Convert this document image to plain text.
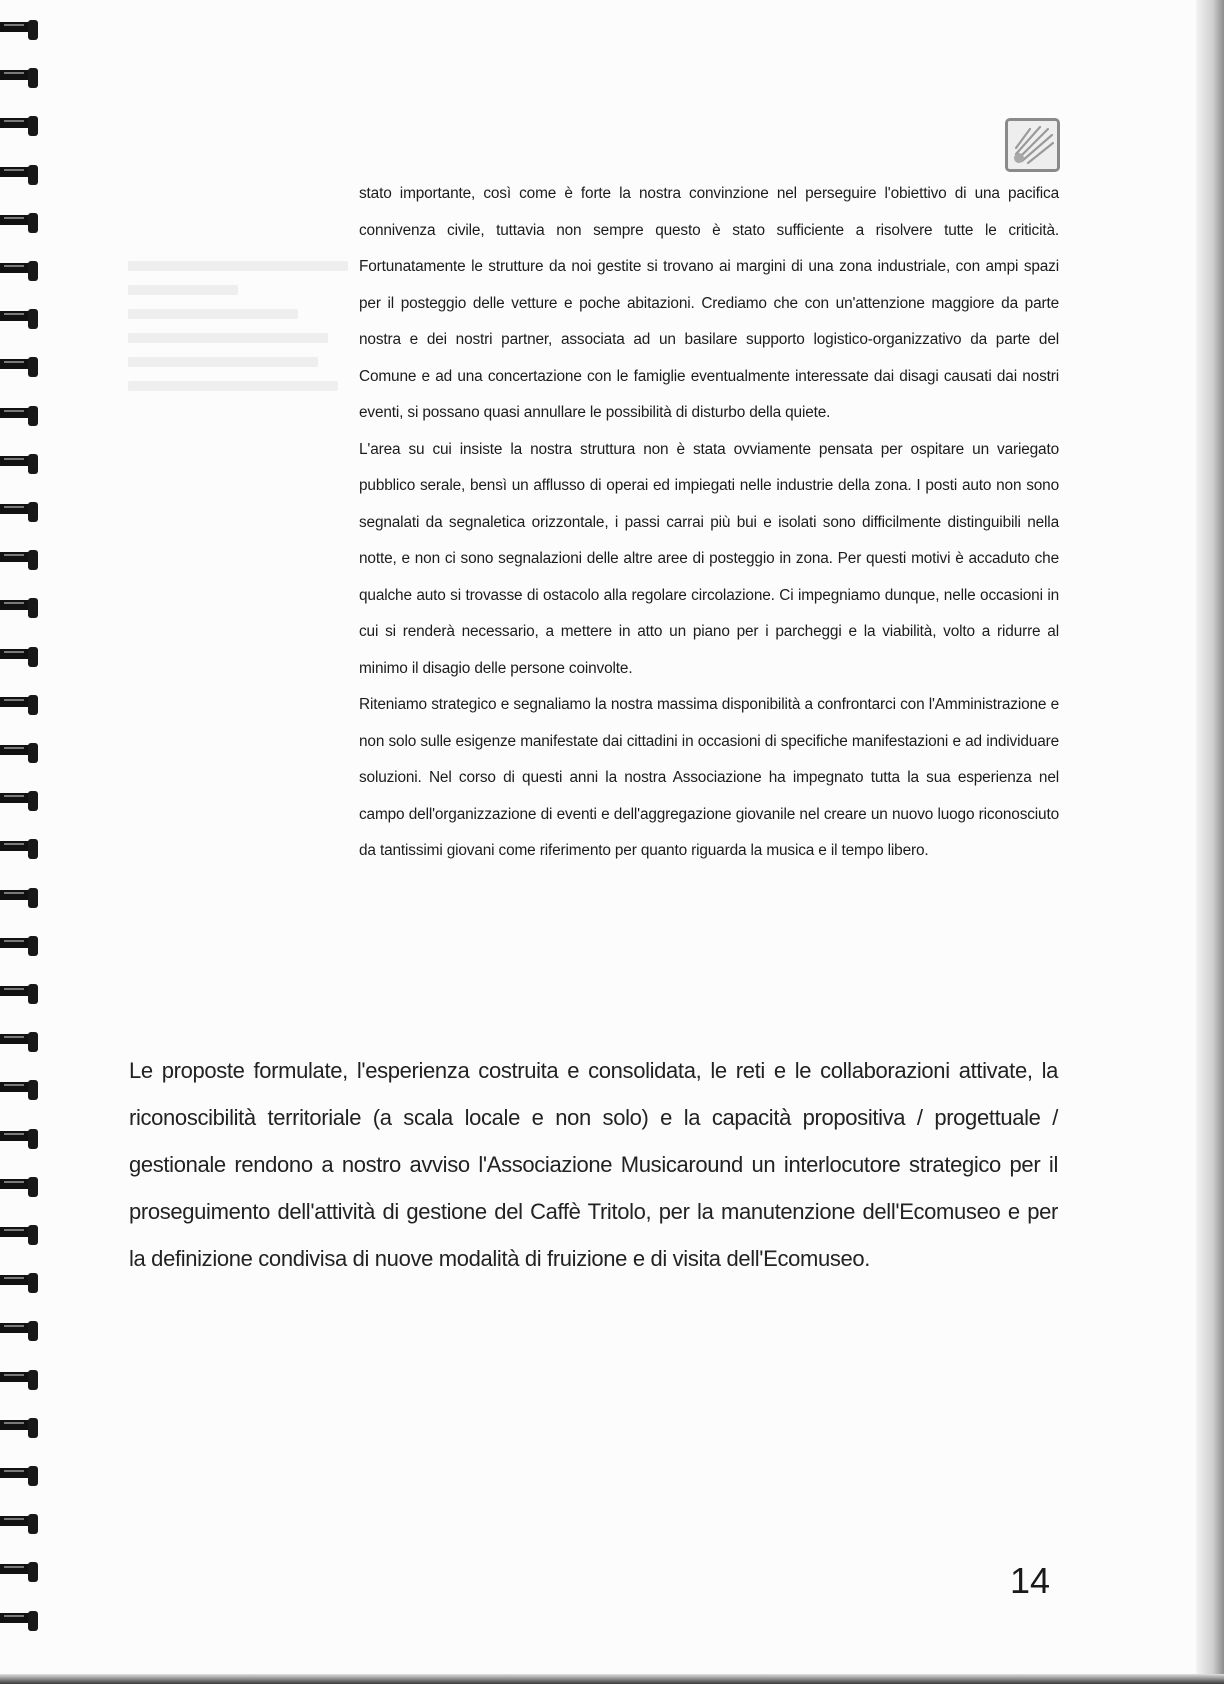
stato importante, così come è forte la nostra convinzione nel perseguire l'obiettivo di una pacifica connivenza civile, tuttavia non sempre questo è stato sufficiente a risolvere tutte le criticità. Fortunatamente le strutture da noi gestite si trovano ai margini di una zona industriale, con ampi spazi per il posteggio delle vetture e poche abitazioni. Crediamo che con un'attenzione maggiore da parte nostra e dei nostri partner, associata ad un basilare supporto logistico-organizzativo da parte del Comune e ad una concertazione con le famiglie eventualmente interessate dai disagi causati dai nostri eventi, si possano quasi annullare le possibilità di disturbo della quiete.

L'area su cui insiste la nostra struttura non è stata ovviamente pensata per ospitare un variegato pubblico serale, bensì un afflusso di operai ed impiegati nelle industrie della zona. I posti auto non sono segnalati da segnaletica orizzontale, i passi carrai più bui e isolati sono difficilmente distinguibili nella notte, e non ci sono segnalazioni delle altre aree di posteggio in zona. Per questi motivi è accaduto che qualche auto si trovasse di ostacolo alla regolare circolazione. Ci impegniamo dunque, nelle occasioni in cui si renderà necessario, a mettere in atto un piano per i parcheggi e la viabilità, volto a ridurre al minimo il disagio delle persone coinvolte.

Riteniamo strategico e segnaliamo la nostra massima disponibilità a confrontarci con l'Amministrazione e non solo sulle esigenze manifestate dai cittadini in occasioni di specifiche manifestazioni e ad individuare soluzioni. Nel corso di questi anni la nostra Associazione ha impegnato tutta la sua esperienza nel campo dell'organizzazione di eventi e dell'aggregazione giovanile nel creare un nuovo luogo riconosciuto da tantissimi giovani come riferimento per quanto riguarda la musica e il tempo libero.

Le proposte formulate, l'esperienza costruita e consolidata, le reti e le collaborazioni attivate, la riconoscibilità territoriale (a scala locale e non solo) e la capacità propositiva / progettuale / gestionale rendono a nostro avviso l'Associazione Musicaround un interlocutore strategico per il proseguimento dell'attività di gestione del Caffè Tritolo, per la manutenzione dell'Ecomuseo e per la definizione condivisa di nuove modalità di fruizione e di visita dell'Ecomuseo.

14
